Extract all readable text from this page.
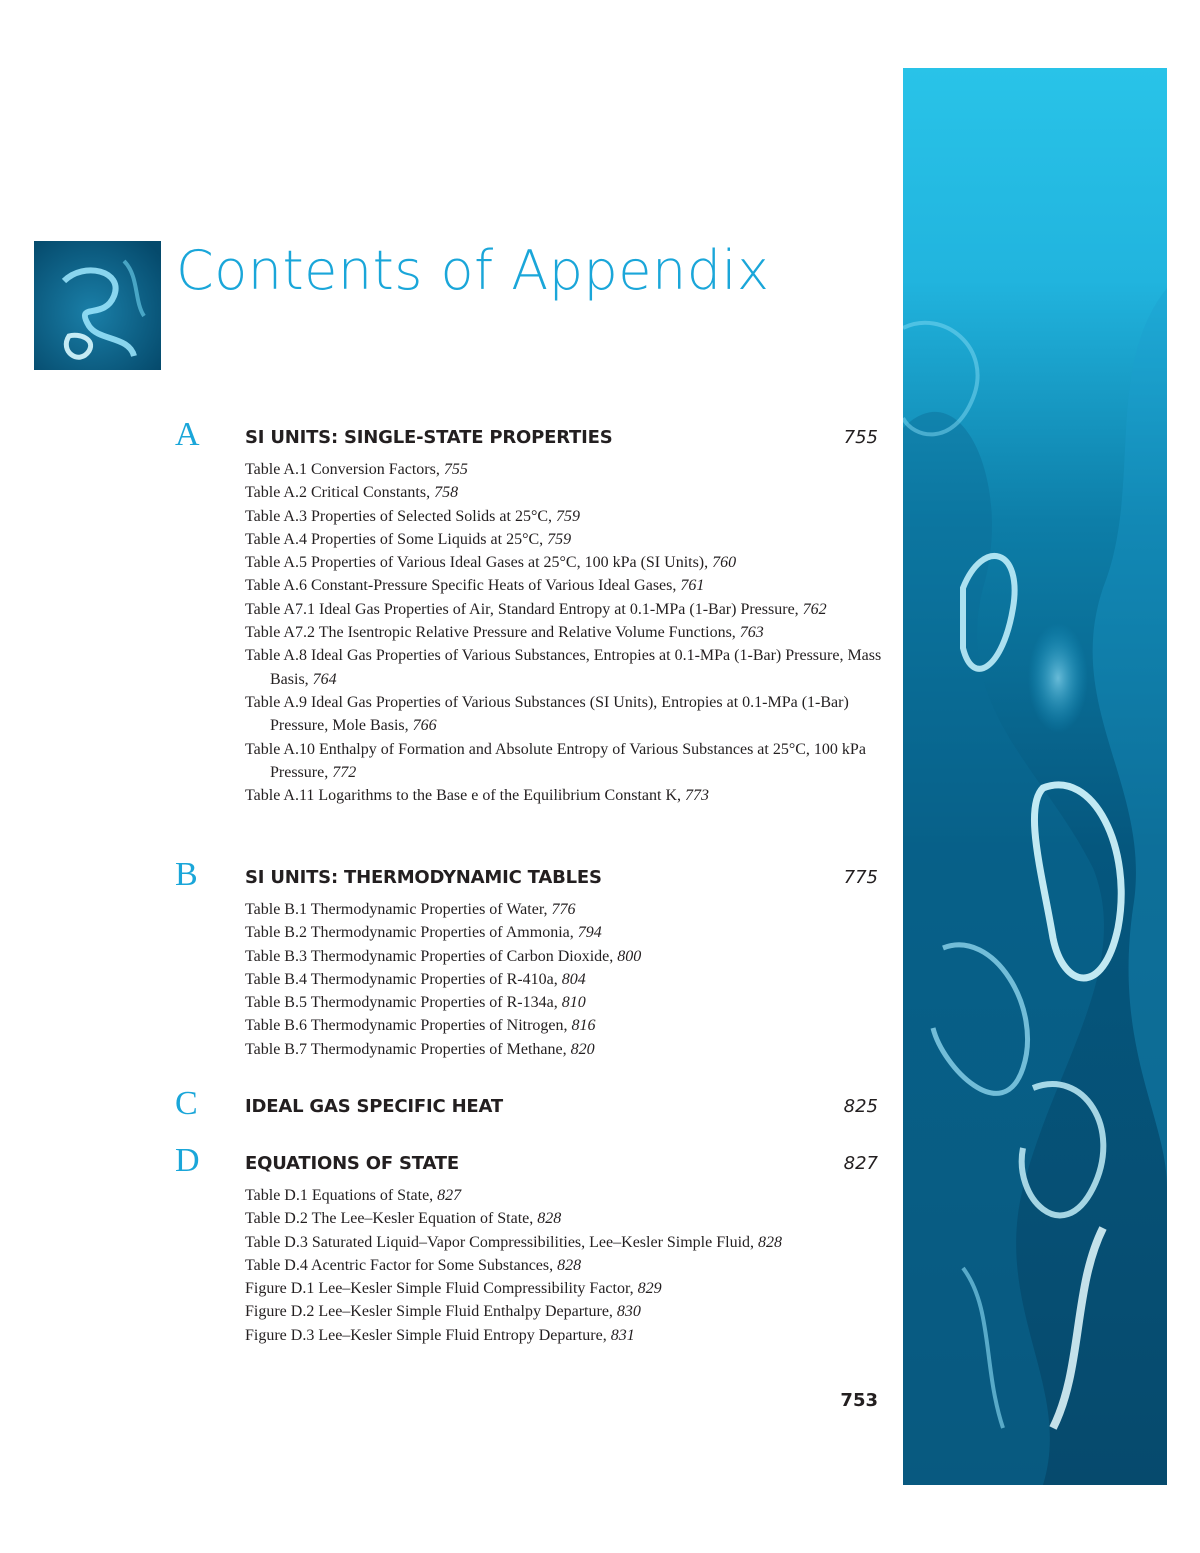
Contents of Appendix
A	SI UNITS: SINGLE-STATE PROPERTIES	755
Table A.1 Conversion Factors, 755
Table A.2 Critical Constants, 758
Table A.3 Properties of Selected Solids at 25°C, 759
Table A.4 Properties of Some Liquids at 25°C, 759
Table A.5 Properties of Various Ideal Gases at 25°C, 100 kPa (SI Units), 760
Table A.6 Constant-Pressure Specific Heats of Various Ideal Gases, 761
Table A7.1 Ideal Gas Properties of Air, Standard Entropy at 0.1-MPa (1-Bar) Pressure, 762
Table A7.2 The Isentropic Relative Pressure and Relative Volume Functions, 763
Table A.8 Ideal Gas Properties of Various Substances, Entropies at 0.1-MPa (1-Bar) Pressure, Mass Basis, 764
Table A.9 Ideal Gas Properties of Various Substances (SI Units), Entropies at 0.1-MPa (1-Bar) Pressure, Mole Basis, 766
Table A.10 Enthalpy of Formation and Absolute Entropy of Various Substances at 25°C, 100 kPa Pressure, 772
Table A.11 Logarithms to the Base e of the Equilibrium Constant K, 773
B	SI UNITS: THERMODYNAMIC TABLES	775
Table B.1 Thermodynamic Properties of Water, 776
Table B.2 Thermodynamic Properties of Ammonia, 794
Table B.3 Thermodynamic Properties of Carbon Dioxide, 800
Table B.4 Thermodynamic Properties of R-410a, 804
Table B.5 Thermodynamic Properties of R-134a, 810
Table B.6 Thermodynamic Properties of Nitrogen, 816
Table B.7 Thermodynamic Properties of Methane, 820
C	IDEAL GAS SPECIFIC HEAT	825
D	EQUATIONS OF STATE	827
Table D.1 Equations of State, 827
Table D.2 The Lee–Kesler Equation of State, 828
Table D.3 Saturated Liquid–Vapor Compressibilities, Lee–Kesler Simple Fluid, 828
Table D.4 Acentric Factor for Some Substances, 828
Figure D.1 Lee–Kesler Simple Fluid Compressibility Factor, 829
Figure D.2 Lee–Kesler Simple Fluid Enthalpy Departure, 830
Figure D.3 Lee–Kesler Simple Fluid Entropy Departure, 831
753
